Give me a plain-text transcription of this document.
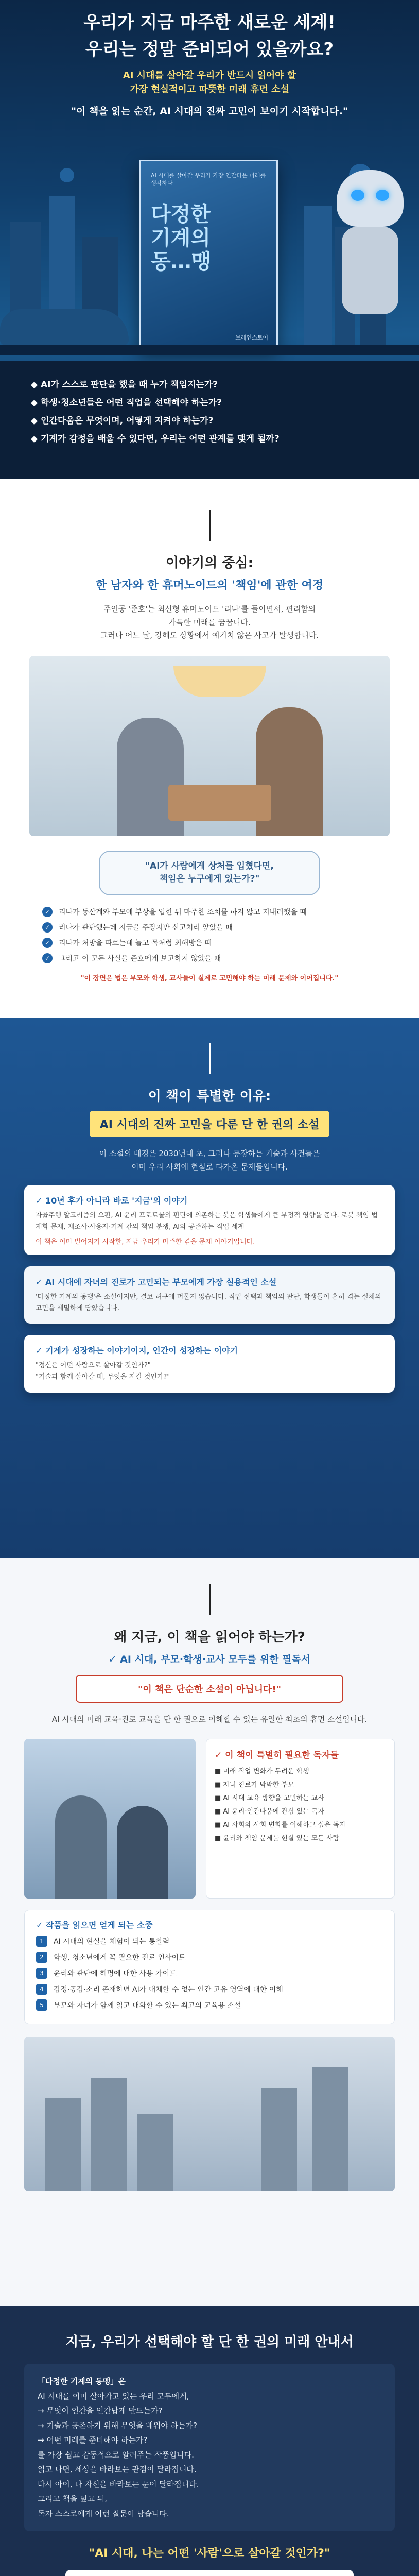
우리가 지금 마주한 새로운 세계!
우리는 정말 준비되어 있을까요?
AI 시대를 살아갈 우리가 반드시 읽어야 할
가장 현실적이고 따뜻한 미래 휴먼 소설
"이 책을 읽는 순간, AI 시대의 진짜 고민이 보이기 시작합니다."
AI 시대를 살아갈 우리가 가장 인간다운 미래를 생각하다
다정한
기계의
동…맹
브레인스토어
◆ AI가 스스로 판단을 했을 때 누가 책임지는가?
◆ 학생·청소년들은 어떤 직업을 선택해야 하는가?
◆ 인간다움은 무엇이며, 어떻게 지켜야 하는가?
◆ 기계가 감정을 배울 수 있다면, 우리는 어떤 관계를 맺게 될까?
이야기의 중심:
한 남자와 한 휴머노이드의 '책임'에 관한 여정
주인공 '준호'는 최신형 휴머노이드 '리나'를 들이면서, 편리함의
가득한 미래를 꿈꿉니다.
그러나 어느 날, 강해도 상황에서 예기치 않은 사고가 발생합니다.
"AI가 사람에게 상처를 입혔다면,
책임은 누구에게 있는가?"
✓	리나가 동산계와 부모에 부상을 입힌 뒤 마주한 조치를 하지 않고 지내려했을 때
✓	리나가 판단했는데 지금을 주장지만 신고처리 앞았을 때
✓	리나가 처방을 따르는데 늘고 목처럼 최해방은 때
✓	그리고 이 모든 사실을 준호에게 보고하지 않았을 때
"이 장면은 법은 부모와 학생, 교사들이 실제로 고민해야 하는 미래 문제와 이어집니다."
이 책이 특별한 이유:
AI 시대의 진짜 고민을 다룬 단 한 권의 소설
이 소설의 배경은 2030년대 초, 그러나 등장하는 기술과 사건들은
이미 우리 사회에 현실로 다가온 문제들입니다.
✓ 10년 후가 아니라 바로 '지금'의 이야기
자율주행 알고리즘의 오판, AI 윤리 프로토콜의 판단에 의존하는 봇은 학생들에게 큰 부정적 영향을 준다. 로봇 책임 법제화 문제, 제조사·사용자·기계 간의 책임 분쟁, AI와 공존하는 직업 세계
이 책은 이미 벌어지기 시작한, 지금 우리가 마주한 겪을 문제 이야기입니다.
✓ AI 시대에 자녀의 진로가 고민되는 부모에게 가장 실용적인 소설
'다정한 기계의 동맹'은 소설이지만, 결코 허구에 머물지 않습니다. 직업 선택과 책임의 판단, 학생들이 흔히 겪는 실체의 고민을 세밀하게 담았습니다.
✓ 기계가 성장하는 이야기이지, 인간이 성장하는 이야기
"정신은 어떤 사람으로 살아갈 것인가?"
"기술과 함께 살아갈 때, 무엇을 지킬 것인가?"
왜 지금, 이 책을 읽어야 하는가?
✓ AI 시대, 부모·학생·교사 모두를 위한 필독서
"이 책은 단순한 소설이 아닙니다!"
AI 시대의 미래 교육·진로 교육을 단 한 권으로 이해할 수 있는 유일한 최초의 휴먼 소설입니다.
✓ 이 책이 특별히 필요한 독자들
■ 미래 직업 변화가 두려운 학생
■ 자녀 진로가 막막한 부모
■ AI 시대 교육 방향을 고민하는 교사
■ AI 윤리·인간다움에 관심 있는 독자
■ AI 사회와 사회 변화를 이해하고 싶은 독자
■ 윤리와 책임 문제를 현실 있는 모든 사람
✓ 작품을 읽으면 얻게 되는 소중
1	AI 시대의 현실을 체험이 되는 통찰력
2	학생, 청소년에게 꼭 필요한 진로 인사이트
3	윤리와 판단에 해명에 대한 사용 가이드
4	감정·공감·소리 존재하면 AI가 대체할 수 없는 인간 고유 영역에 대한 이해
5	부모와 자녀가 함께 읽고 대화할 수 있는 최고의 교육용 소설
지금, 우리가 선택해야 할 단 한 권의 미래 안내서
「다정한 기계의 동맹」은
AI 시대를 이미 살아가고 있는 우리 모두에게,
→ 무엇이 인간을 인간답게 만드는가?
→ 기술과 공존하기 위해 무엇을 배워야 하는가?
→ 어떤 미래를 준비해야 하는가?
를 가장 쉽고 감동적으로 알려주는 작품입니다.
읽고 나면, 세상을 바라보는 관점이 달라집니다.
다시 아이, 나 자신을 바라보는 눈이 달라집니다.
그리고 책을 덮고 뒤,
독자 스스로에게 이런 질문이 남습니다.
"AI 시대, 나는 어떤 '사람'으로 살아갈 것인가?"
